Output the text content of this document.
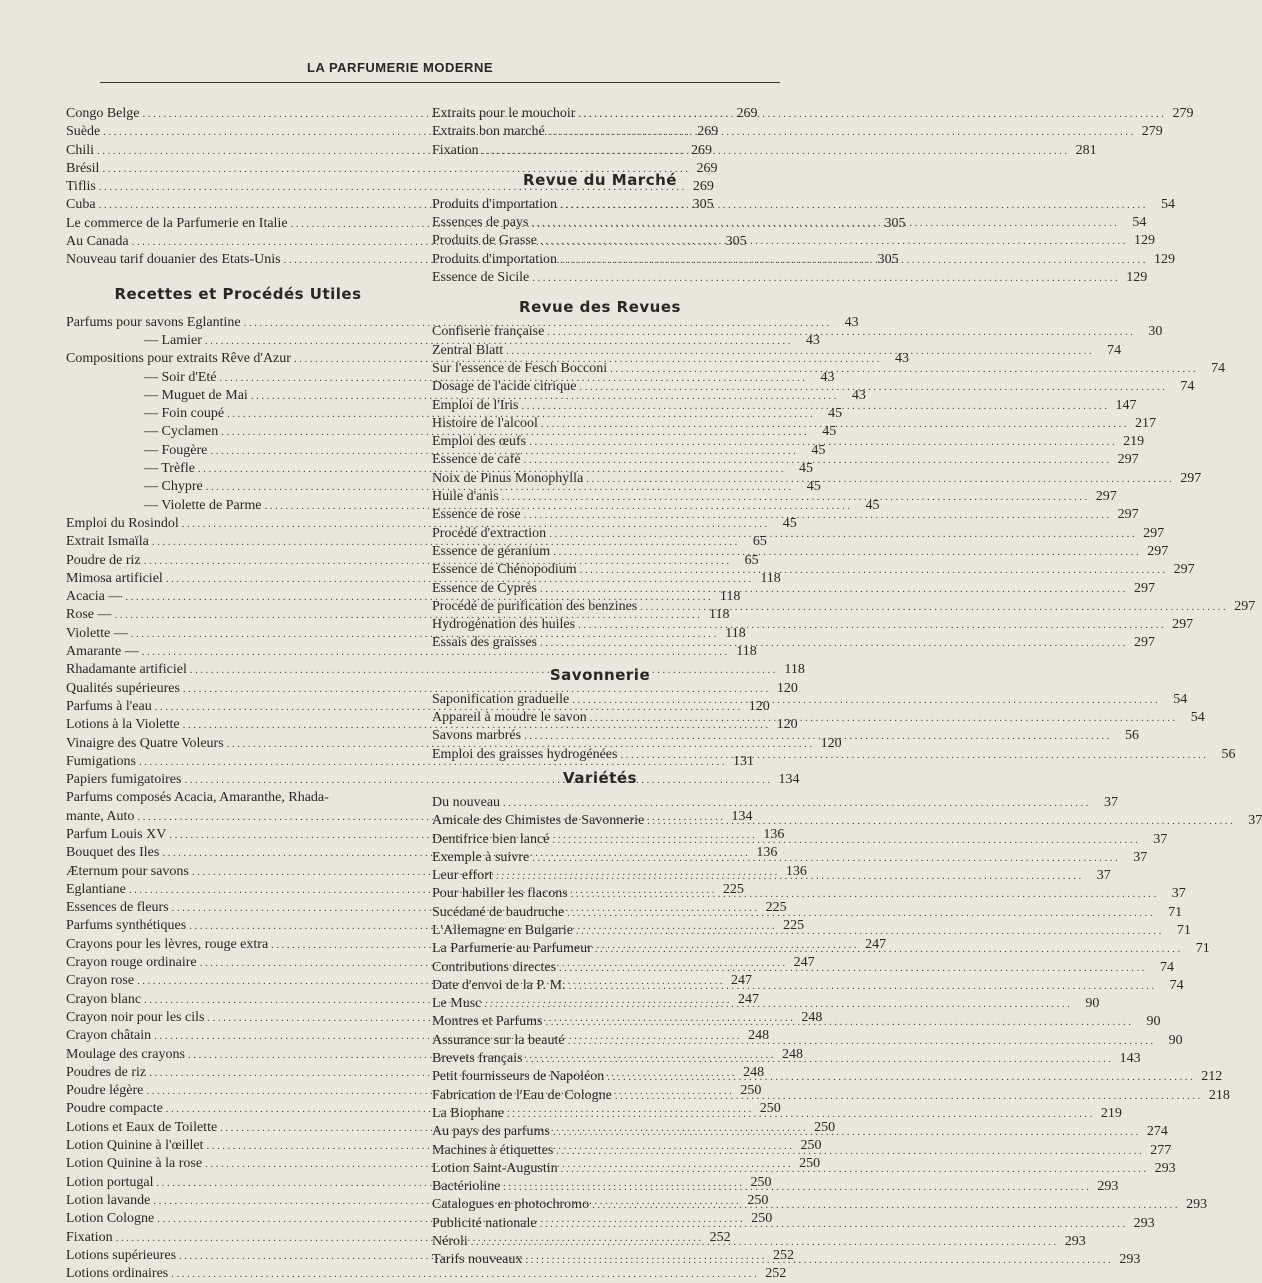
LA PARFUMERIE MODERNE
Congo Belge .....	269
Suède .....	269
Chili .....	269
Brésil .....	269
Tiflis .....	269
Cuba .....	305
Le commerce de la Parfumerie en Italie .....	305
Au Canada .....	305
Nouveau tarif douanier des Etats-Unis .....	305
Recettes et Procédés Utiles
Parfums pour savons Eglantine .....	43
— Lamier .....	43
Compositions pour extraits Rêve d'Azur .....	43
— Soir d'Eté .....	43
— Muguet de Mai .....	43
— Foin coupé .....	45
— Cyclamen .....	45
— Fougère .....	45
— Trèfle .....	45
— Chypre .....	45
— Violette de Parme .....	45
Emploi du Rosindol .....	45
Extrait Ismaïla .....	65
Poudre de riz .....	65
Mimosa artificiel .....	118
Acacia — .....	118
Rose — .....	118
Violette — .....	118
Amarante — .....	118
Rhadamante artificiel .....	118
Qualités supérieures .....	120
Parfums à l'eau .....	120
Lotions à la Violette .....	120
Vinaigre des Quatre Voleurs .....	120
Fumigations .....	131
Papiers fumigatoires .....	134
Parfums composés Acacia, Amaranthe, Rhada-
mante, Auto .....	134
Parfum Louis XV .....	136
Bouquet des Iles .....	136
Æternum pour savons .....	136
Eglantiane .....	225
Essences de fleurs .....	225
Parfums synthétiques .....	225
Crayons pour les lèvres, rouge extra .....	247
Crayon rouge ordinaire .....	247
Crayon rose .....	247
Crayon blanc .....	247
Crayon noir pour les cils .....	248
Crayon châtain .....	248
Moulage des crayons .....	248
Poudres de riz .....	248
Poudre légère .....	250
Poudre compacte .....	250
Lotions et Eaux de Toilette .....	250
Lotion Quinine à l'œillet .....	250
Lotion Quinine à la rose .....	250
Lotion portugal .....	250
Lotion lavande .....	250
Lotion Cologne .....	250
Fixation .....	252
Lotions supérieures .....	252
Lotions ordinaires .....	252
Extraits pour le mouchoir .....	279
Extraits bon marché .....	279
Fixation .....	281
Revue du Marché
Produits d'importation .....	54
Essences de pays .....	54
Produits de Grasse .....	129
Produits d'importation .....	129
Essence de Sicile .....	129
Revue des Revues
Confiserie française .....	30
Zentral Blatt .....	74
Sur l'essence de Fesch Bocconi .....	74
Dosage de l'acide citrique .....	74
Emploi de l'Iris .....	147
Histoire de l'alcool .....	217
Emploi des œufs .....	219
Essence de café .....	297
Noix de Pinus Monophylla .....	297
Huile d'anis .....	297
Essence de rose .....	297
Procédé d'extraction .....	297
Essence de géranium .....	297
Essence de Chénopodium .....	297
Essence de Cyprès .....	297
Procédé de purification des benzines .....	297
Hydrogénation des huiles .....	297
Essais des graisses .....	297
Savonnerie
Saponification graduelle .....	54
Appareil à moudre le savon .....	54
Savons marbrés .....	56
Emploi des graisses hydrogénées .....	56
Variétés
Du nouveau .....	37
Amicale des Chimistes de Savonnerie .....	37
Dentifrice bien lancé .....	37
Exemple à suivre .....	37
Leur effort .....	37
Pour habiller les flacons .....	37
Sucédané de baudruche .....	71
L'Allemagne en Bulgarie .....	71
La Parfumerie au Parfumeur .....	71
Contributions directes .....	74
Date d'envoi de la P. M. .....	74
Le Musc .....	90
Montres et Parfums .....	90
Assurance sur la beauté .....	90
Brevets français .....	143
Petit fournisseurs de Napoléon .....	212
Fabrication de l'Eau de Cologne .....	218
La Biophane .....	219
Au pays des parfums .....	274
Machines à étiquettes .....	277
Lotion Saint-Augustin .....	293
Bactérioline .....	293
Catalogues en photochromo .....	293
Publicité nationale .....	293
Néroli .....	293
Tarifs nouveaux .....	293
